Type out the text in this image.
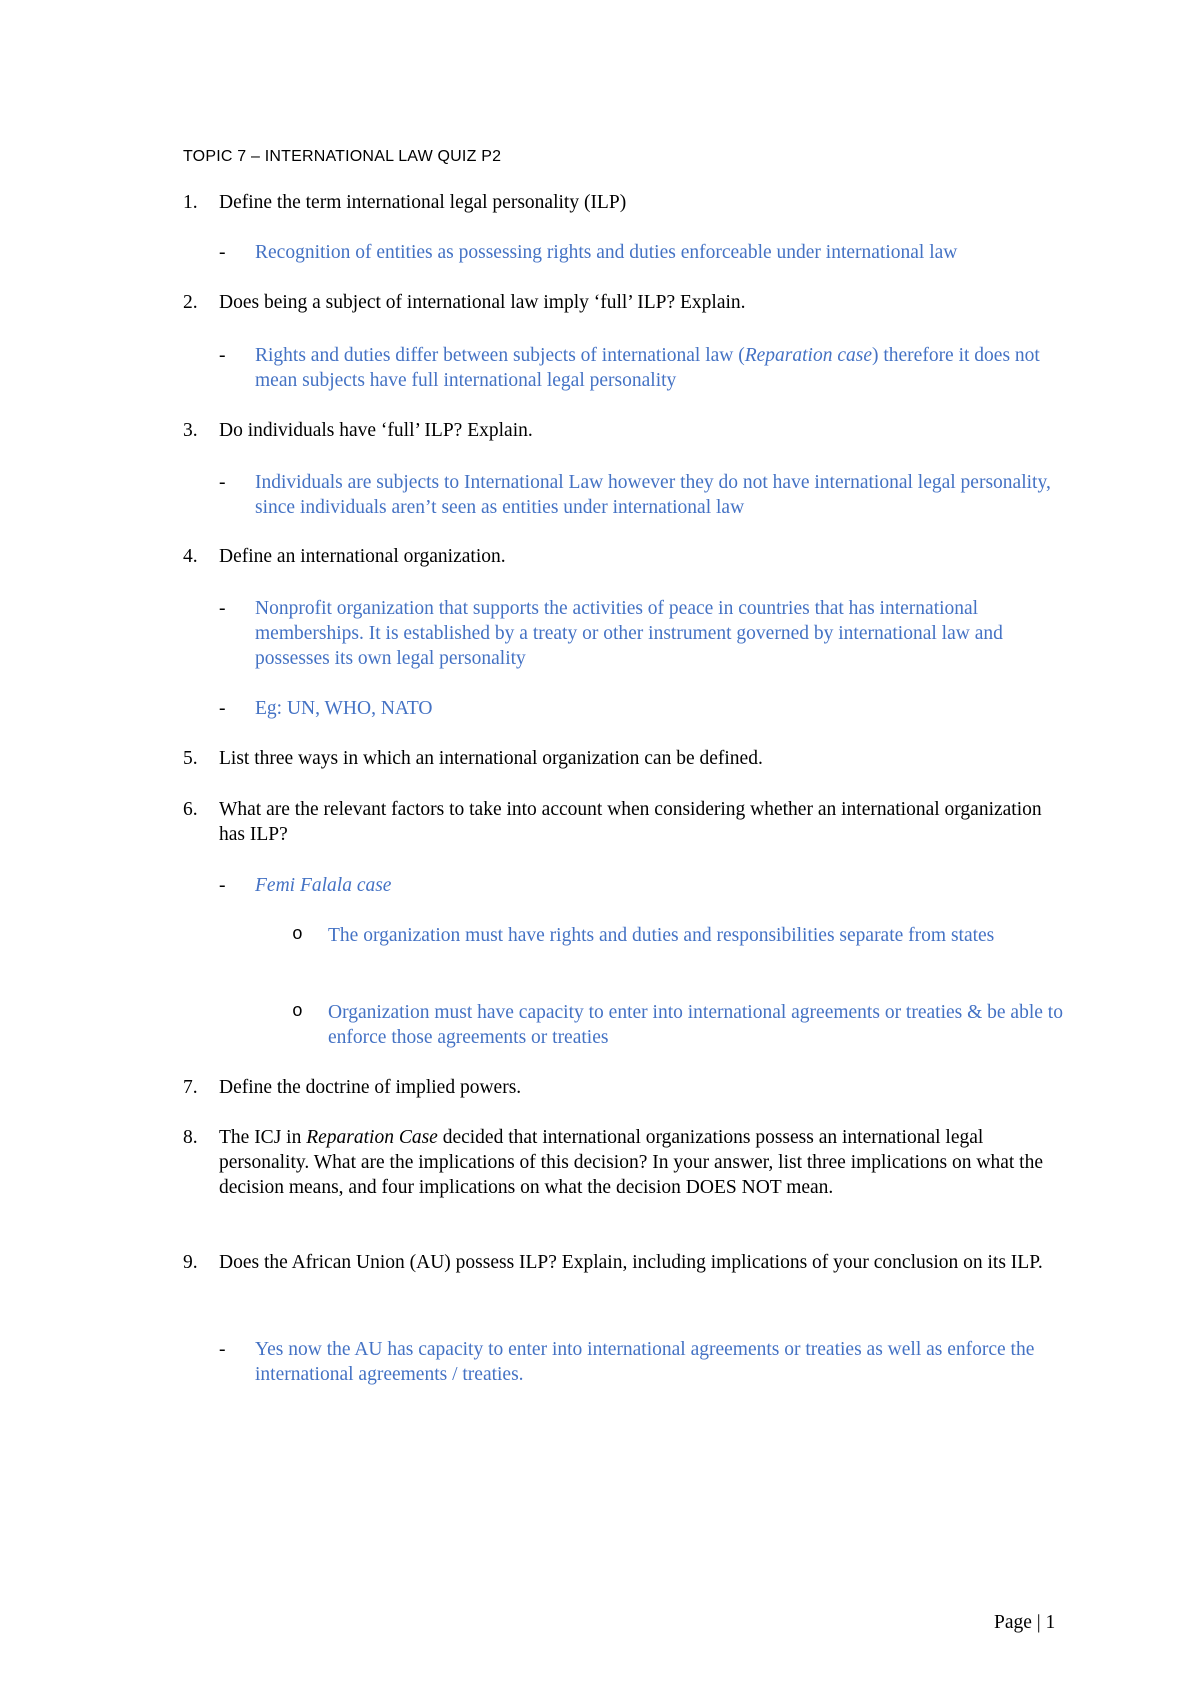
TOPIC 7 – INTERNATIONAL LAW QUIZ P2
1. Define the term international legal personality (ILP)
- Recognition of entities as possessing rights and duties enforceable under international law
2. Does being a subject of international law imply ‘full’ ILP? Explain.
- Rights and duties differ between subjects of international law (Reparation case) therefore it does not mean subjects have full international legal personality
3. Do individuals have ‘full’ ILP? Explain.
- Individuals are subjects to International Law however they do not have international legal personality, since individuals aren’t seen as entities under international law
4. Define an international organization.
- Nonprofit organization that supports the activities of peace in countries that has international memberships. It is established by a treaty or other instrument governed by international law and possesses its own legal personality
- Eg: UN, WHO, NATO
5. List three ways in which an international organization can be defined.
6. What are the relevant factors to take into account when considering whether an international organization has ILP?
- Femi Falala case
o The organization must have rights and duties and responsibilities separate from states
o Organization must have capacity to enter into international agreements or treaties & be able to enforce those agreements or treaties
7. Define the doctrine of implied powers.
8. The ICJ in Reparation Case decided that international organizations possess an international legal personality. What are the implications of this decision? In your answer, list three implications on what the decision means, and four implications on what the decision DOES NOT mean.
9. Does the African Union (AU) possess ILP? Explain, including implications of your conclusion on its ILP.
- Yes now the AU has capacity to enter into international agreements or treaties as well as enforce the international agreements / treaties.
Page | 1
